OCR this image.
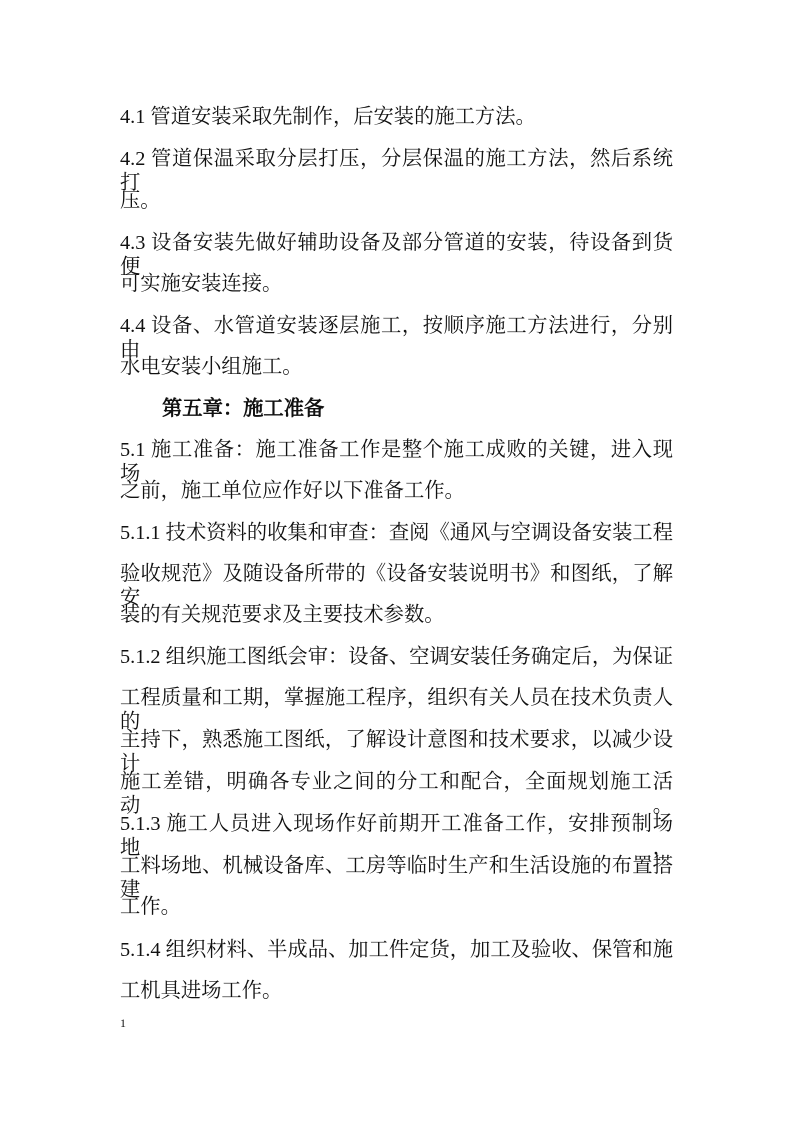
4.1 管道安装采取先制作，后安装的施工方法。
4.2 管道保温采取分层打压，分层保温的施工方法，然后系统打
压。
4.3 设备安装先做好辅助设备及部分管道的安装，待设备到货便
可实施安装连接。
4.4 设备、水管道安装逐层施工，按顺序施工方法进行，分别由
水电安装小组施工。
第五章：施工准备
5.1 施工准备：施工准备工作是整个施工成败的关键，进入现场
之前，施工单位应作好以下准备工作。
5.1.1 技术资料的收集和审查：查阅《通风与空调设备安装工程
验收规范》及随设备所带的《设备安装说明书》和图纸，了解安
装的有关规范要求及主要技术参数。
5.1.2 组织施工图纸会审：设备、空调安装任务确定后，为保证
工程质量和工期，掌握施工程序，组织有关人员在技术负责人的
主持下，熟悉施工图纸，了解设计意图和技术要求，以减少设计
施工差错，明确各专业之间的分工和配合，全面规划施工活动。
5.1.3 施工人员进入现场作好前期开工准备工作，安排预制场地，
工料场地、机械设备库、工房等临时生产和生活设施的布置搭建
工作。
5.1.4 组织材料、半成品、加工件定货，加工及验收、保管和施
工机具进场工作。
1
